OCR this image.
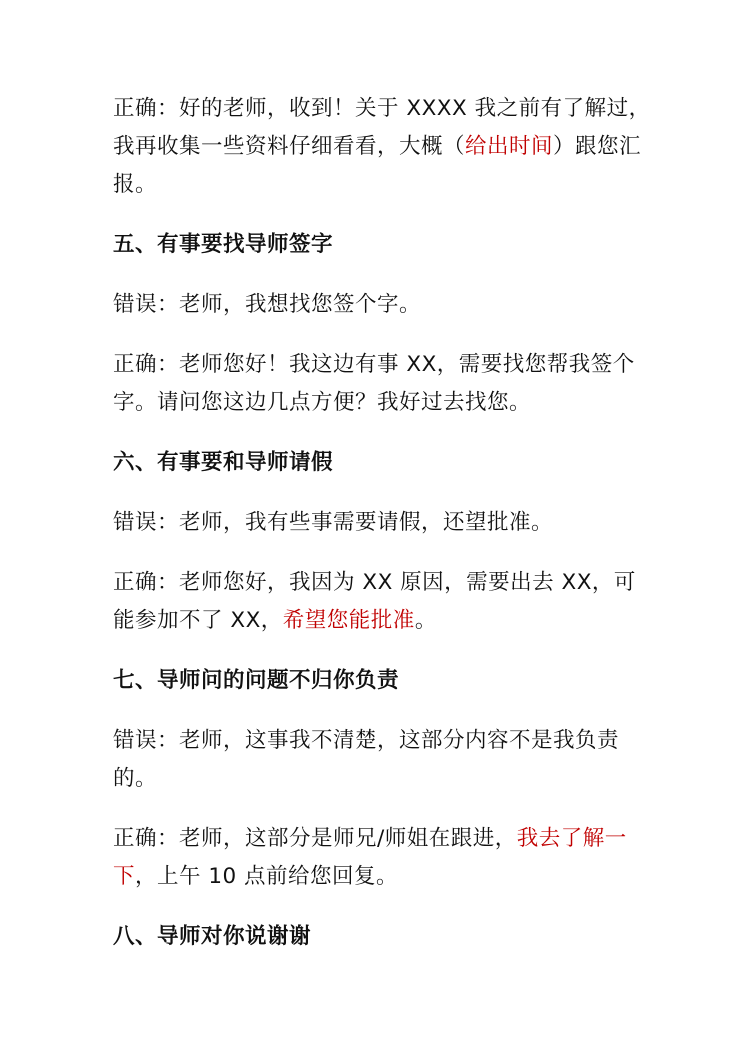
正确：好的老师，收到！关于 XXXX 我之前有了解过，我再收集一些资料仔细看看，大概（给出时间）跟您汇报。

五、有事要找导师签字

错误：老师，我想找您签个字。

正确：老师您好！我这边有事 XX，需要找您帮我签个字。请问您这边几点方便？我好过去找您。

六、有事要和导师请假

错误：老师，我有些事需要请假，还望批准。

正确：老师您好，我因为 XX 原因，需要出去 XX，可能参加不了 XX，希望您能批准。

七、导师问的问题不归你负责

错误：老师，这事我不清楚，这部分内容不是我负责的。

正确：老师，这部分是师兄/师姐在跟进，我去了解一下，上午 10 点前给您回复。

八、导师对你说谢谢
